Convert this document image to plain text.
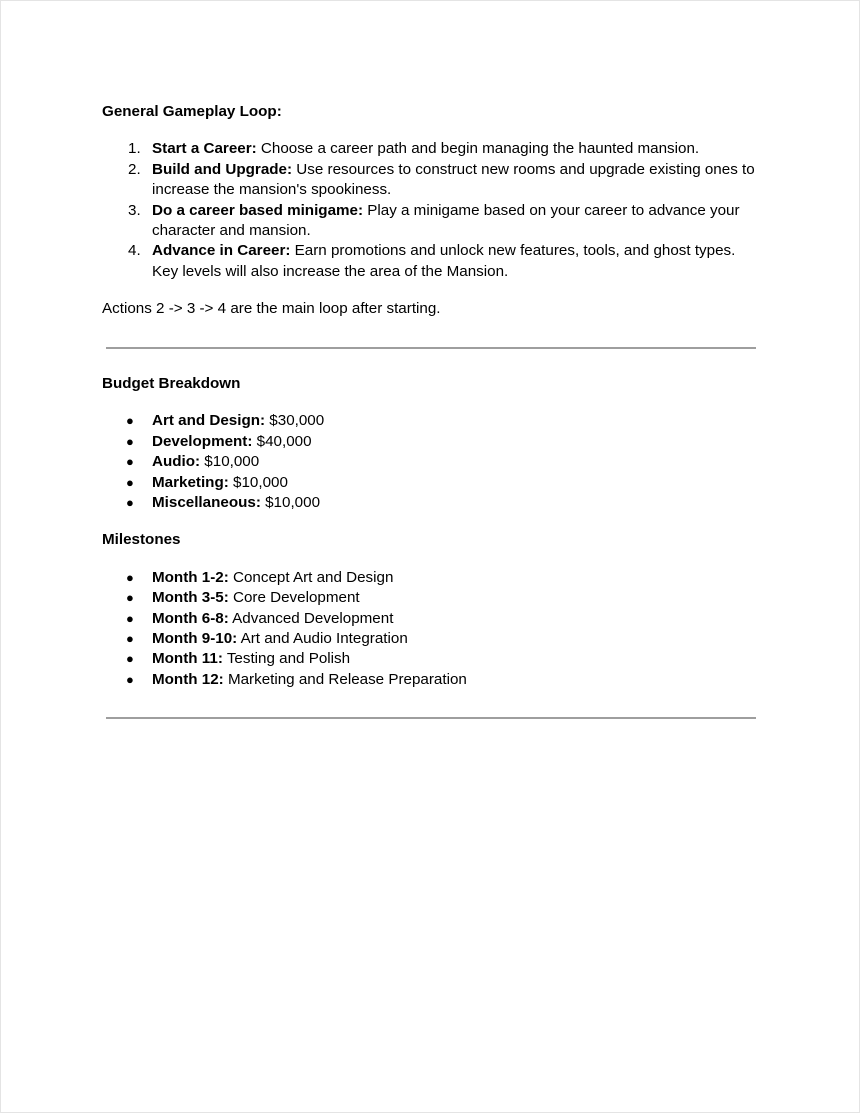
General Gameplay Loop:

1. Start a Career: Choose a career path and begin managing the haunted mansion.
2. Build and Upgrade: Use resources to construct new rooms and upgrade existing ones to increase the mansion's spookiness.
3. Do a career based minigame: Play a minigame based on your career to advance your character and mansion.
4. Advance in Career: Earn promotions and unlock new features, tools, and ghost types. Key levels will also increase the area of the Mansion.

Actions 2 -> 3 -> 4 are the main loop after starting.

Budget Breakdown

● Art and Design: $30,000
● Development: $40,000
● Audio: $10,000
● Marketing: $10,000
● Miscellaneous: $10,000

Milestones

● Month 1-2: Concept Art and Design
● Month 3-5: Core Development
● Month 6-8: Advanced Development
● Month 9-10: Art and Audio Integration
● Month 11: Testing and Polish
● Month 12: Marketing and Release Preparation
